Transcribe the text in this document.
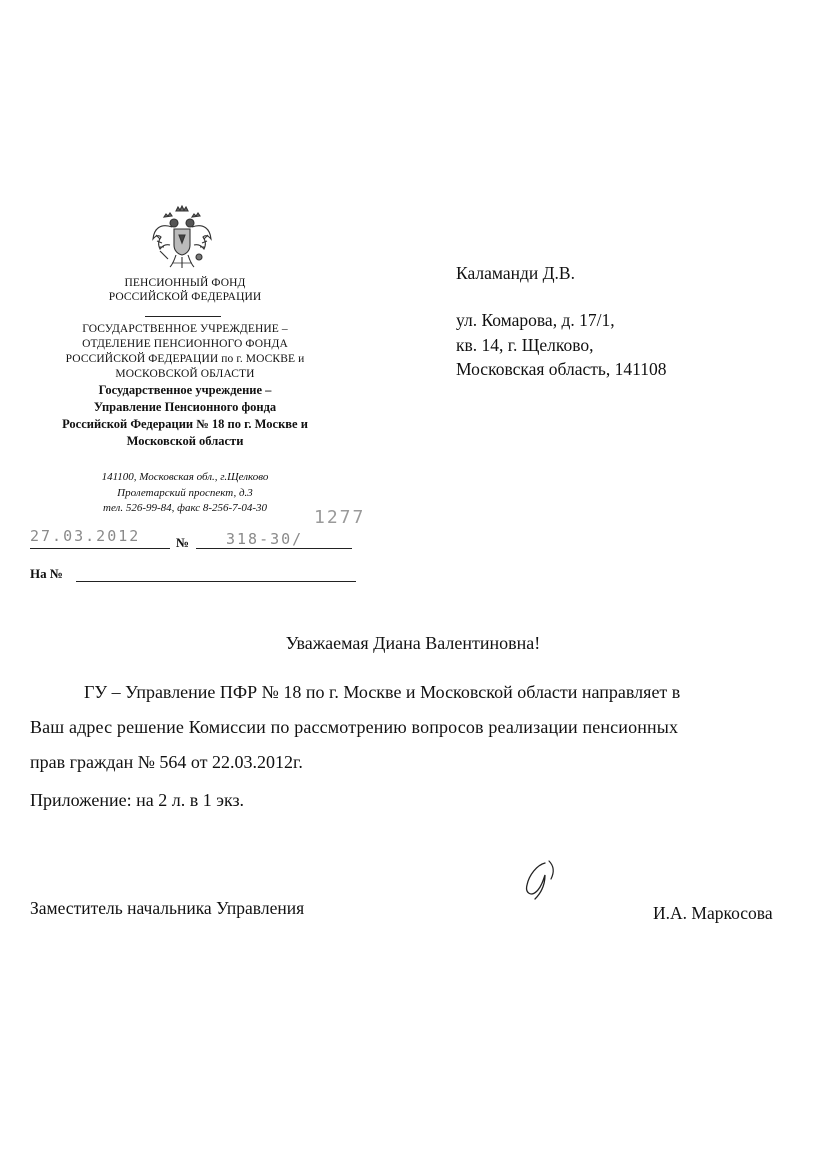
ПЕНСИОННЫЙ ФОНД
РОССИЙСКОЙ ФЕДЕРАЦИИ
ГОСУДАРСТВЕННОЕ УЧРЕЖДЕНИЕ –
ОТДЕЛЕНИЕ ПЕНСИОННОГО ФОНДА
РОССИЙСКОЙ ФЕДЕРАЦИИ по г. МОСКВЕ и
МОСКОВСКОЙ ОБЛАСТИ
Государственное учреждение –
Управление Пенсионного фонда
Российской Федерации № 18 по г. Москве и
Московской области
141100, Московская обл., г.Щелково
Пролетарский проспект, д.3
тел. 526-99-84, факс 8-256-7-04-30
27.03.2012	№ 318-30/
1277
На №
Каламанди Д.В.
ул. Комарова, д. 17/1,
кв. 14, г. Щелково,
Московская область, 141108
Уважаемая Диана Валентиновна!
ГУ – Управление ПФР № 18 по г. Москве и Московской области направляет в
Ваш адрес решение Комиссии по рассмотрению вопросов реализации пенсионных
прав граждан № 564 от 22.03.2012г.
Приложение: на 2 л. в 1 экз.
Заместитель начальника Управления	И.А. Маркосова
